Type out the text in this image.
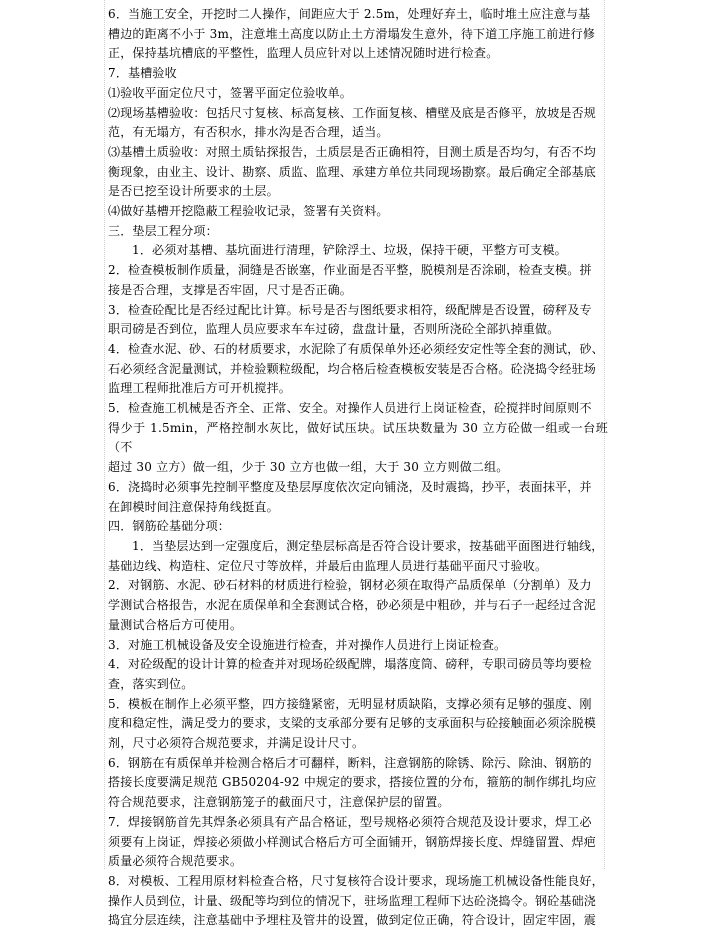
6．当施工安全，开挖时二人操作，间距应大于 2.5m，处理好弃土，临时堆土应注意与基

槽边的距离不小于 3m，注意堆土高度以防止土方滑塌发生意外，待下道工序施工前进行修

正，保持基坑槽底的平整性，监理人员应针对以上述情况随时进行检查。

7．基槽验收

⑴验收平面定位尺寸，签署平面定位验收单。

⑵现场基槽验收：包括尺寸复核、标高复核、工作面复核、槽壁及底是否修平，放坡是否规

范，有无塌方，有否积水，排水沟是否合理，适当。

⑶基槽土质验收：对照土质钻探报告，土质层是否正确相符，目测土质是否均匀，有否不均

衡现象，由业主、设计、勘察、质监、监理、承建方单位共同现场勘察。最后确定全部基底

是否已挖至设计所要求的土层。

⑷做好基槽开挖隐蔽工程验收记录，签署有关资料。

三．垫层工程分项：

1．必须对基槽、基坑面进行清理，铲除浮土、垃圾，保持干硬，平整方可支模。

2．检查模板制作质量，洞缝是否嵌塞，作业面是否平整，脱模剂是否涂刷，检查支模。拼

接是否合理，支撑是否牢固，尺寸是否正确。

3．检查砼配比是否经过配比计算。标号是否与图纸要求相符，级配牌是否设置，磅秤及专

职司磅是否到位，监理人员应要求车车过磅，盘盘计量，否则所浇砼全部扒掉重做。

4．检查水泥、砂、石的材质要求，水泥除了有质保单外还必须经安定性等全套的测试，砂、

石必须经含泥量测试，并检验颗粒级配，均合格后检查模板安装是否合格。砼浇捣令经驻场

监理工程师批准后方可开机搅拌。

5．检查施工机械是否齐全、正常、安全。对操作人员进行上岗证检查，砼搅拌时间原则不

得少于 1.5min，严格控制水灰比，做好试压块。试压块数量为 30 立方砼做一组或一台班（不

超过 30 立方）做一组，少于 30 立方也做一组，大于 30 立方则做二组。

6．浇捣时必须事先控制平整度及垫层厚度依次定向铺浇，及时震捣，抄平，表面抹平，并

在卸模时间注意保持角线挺直。

四．钢筋砼基础分项：

1．当垫层达到一定强度后，测定垫层标高是否符合设计要求，按基础平面图进行轴线，

基础边线、构造柱、定位尺寸等放样，并最后由监理人员进行基础平面尺寸验收。

2．对钢筋、水泥、砂石材料的材质进行检验，钢材必须在取得产品质保单（分割单）及力

学测试合格报告，水泥在质保单和全套测试合格，砂必须是中粗砂，并与石子一起经过含泥

量测试合格后方可使用。

3．对施工机械设备及安全设施进行检查，并对操作人员进行上岗证检查。

4．对砼级配的设计计算的检查并对现场砼级配牌，塌落度筒、磅秤，专职司磅员等均要检

查，落实到位。

5．模板在制作上必须平整，四方接缝紧密，无明显材质缺陷，支撑必须有足够的强度、刚

度和稳定性，满足受力的要求，支梁的支承部分要有足够的支承面积与砼接触面必须涂脱模

剂，尺寸必须符合规范要求，并满足设计尺寸。

6．钢筋在有质保单并检测合格后才可翻样，断料，注意钢筋的除锈、除污、除油、钢筋的

搭接长度要满足规范 GB50204-92 中规定的要求，搭接位置的分布，箍筋的制作绑扎均应

符合规范要求，注意钢筋笼子的截面尺寸，注意保护层的留置。

7．焊接钢筋首先其焊条必须具有产品合格证，型号规格必须符合规范及设计要求，焊工必

须要有上岗证，焊接必须做小样测试合格后方可全面铺开，钢筋焊接长度、焊缝留置、焊疤

质量必须符合规范要求。

8．对模板、工程用原材料检查合格，尺寸复核符合设计要求，现场施工机械设备性能良好，

操作人员到位，计量、级配等均到位的情况下，驻场监理工程师下达砼浇捣令。钢砼基础浇

捣宜分层连续，注意基础中予埋柱及管井的设置，做到定位正确，符合设计，固定牢固，震
